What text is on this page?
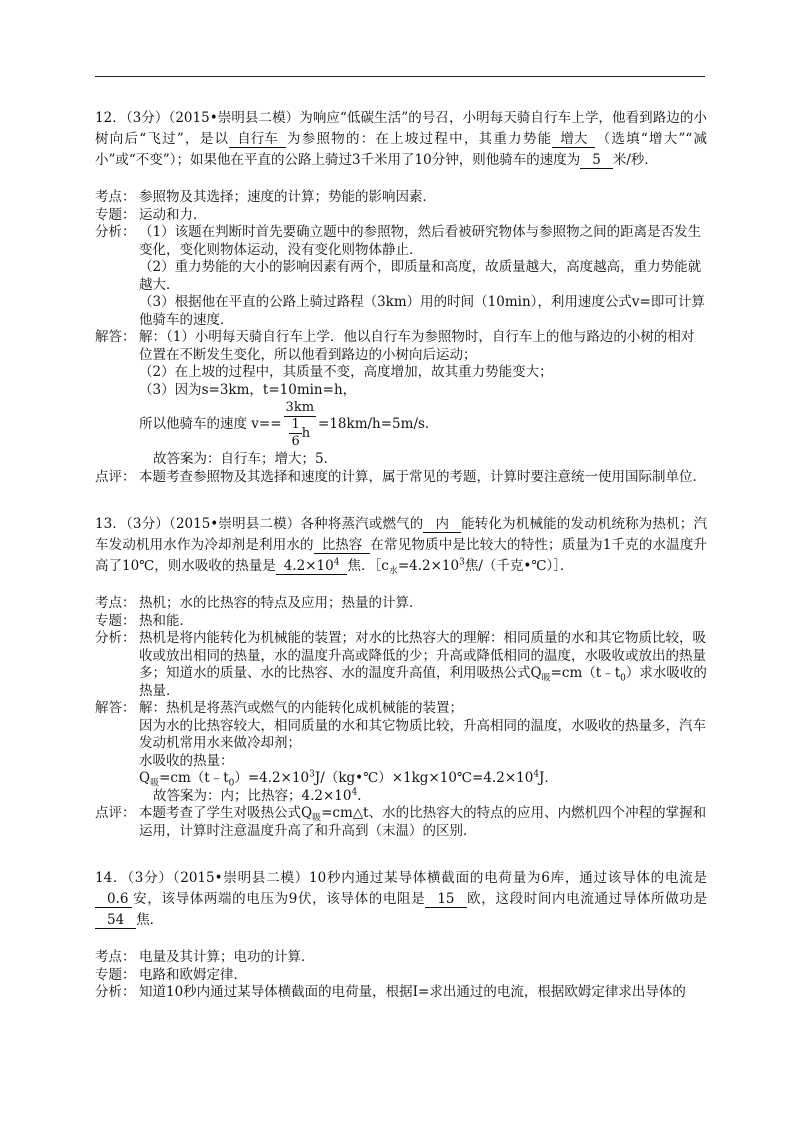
12．（3分）（2015•崇明县二模）为响应“低碳生活”的号召，小明每天骑自行车上学，他看到路边的小树向后“飞过”，是以 自行车 为参照物的：在上坡过程中，其重力势能 增大 （选填“增大”“减小”或“不变”）；如果他在平直的公路上骑过3千米用了10分钟，则他骑车的速度为 5 米/秒．

考点： 参照物及其选择；速度的计算；势能的影响因素．
专题： 运动和力．
分析： （1）该题在判断时首先要确立题中的参照物，然后看被研究物体与参照物之间的距离是否发生变化，变化则物体运动，没有变化则物体静止．

（2）重力势能的大小的影响因素有两个，即质量和高度，故质量越大，高度越高，重力势能就越大．

（3）根据他在平直的公路上骑过路程（3km）用的时间（10min），利用速度公式v=即可计算他骑车的速度．

解答： 解：（1）小明每天骑自行车上学．他以自行车为参照物时，自行车上的他与路边的小树的相对位置在不断发生变化，所以他看到路边的小树向后运动；

（2）在上坡的过程中，其质量不变，高度增加，故其重力势能变大；

（3）因为s=3km，t=10min=h，

所以他骑车的速度 $v== \frac{3km}{\frac{1}{6} h} =18km/h=5m/s$．

故答案为：自行车；增大；5．

点评： 本题考查参照物及其选择和速度的计算，属于常见的考题，计算时要注意统一使用国际制单位．

13．（3分）（2015•崇明县二模）各种将蒸汽或燃气的 内 能转化为机械能的发动机统称为热机；汽车发动机用水作为冷却剂是利用水的 比热容 在常见物质中是比较大的特性；质量为1千克的水温度升高了10℃，则水吸收的热量是 $4.2\times 10^4$ 焦．$[c_水=4.2\times 10^3$焦/（千克•℃）］．

考点： 热机；水的比热容的特点及应用；热量的计算．
专题： 热和能．
分析： 热机是将内能转化为机械能的装置；对水的比热容大的理解：相同质量的水和其它物质比较，吸收或放出相同的热量，水的温度升高或降低的少；升高或降低相同的温度，水吸收或放出的热量多；知道水的质量、水的比热容、水的温度升高值，利用吸热公式$Q_吸=cm(t﹣t_0)$求水吸收的热量．
解答： 解：热机是将蒸汽或燃气的内能转化成机械能的装置；

因为水的比热容较大，相同质量的水和其它物质比较，升高相同的温度，水吸收的热量多，汽车发动机常用水来做冷却剂；

水吸收的热量：

$Q_吸=cm(t﹣t_0)=4.2\times 10^3J/(kg•℃)\times 1kg\times 10℃=4.2\times 10^4J$．

故答案为：内；比热容；$4.2\times 10^4$．

点评： 本题考查了学生对吸热公式$Q_吸=cm\triangle t$、水的比热容大的特点的应用、内燃机四个冲程的掌握和运用，计算时注意温度升高了和升高到（末温）的区别．

14．（3分）（2015•崇明县二模）10秒内通过某导体横截面的电荷量为6库，通过该导体的电流是0.6 安，该导体两端的电压为9伏，该导体的电阻是 15 欧，这段时间内电流通过导体所做功是54 焦．

考点： 电量及其计算；电功的计算．
专题： 电路和欧姆定律．
分析： 知道10秒内通过某导体横截面的电荷量，根据I=求出通过的电流，根据欧姆定律求出导体的
